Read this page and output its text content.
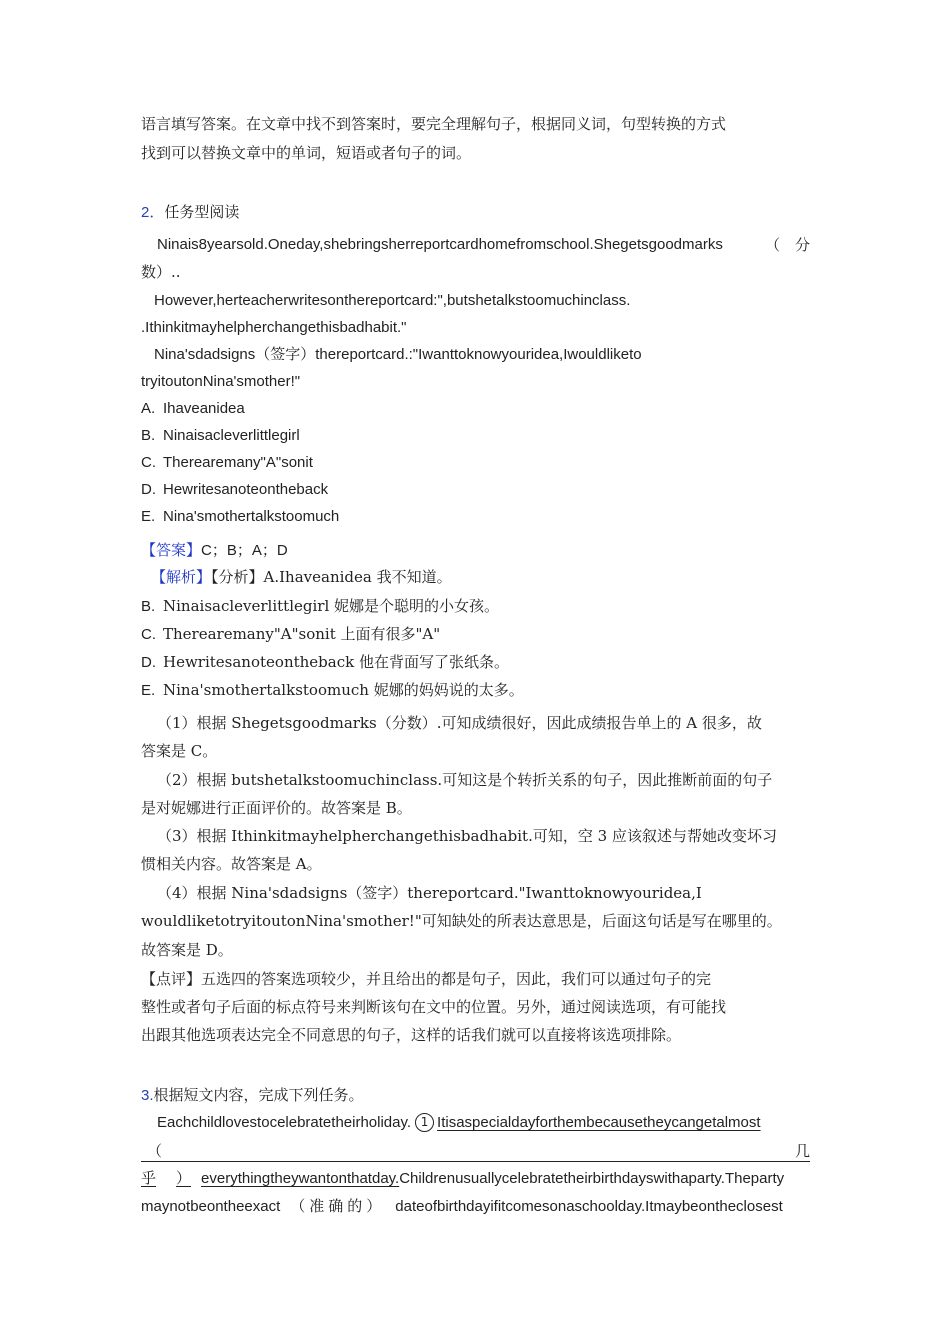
语言填写答案。在文章中找不到答案时，要完全理解句子，根据同义词，句型转换的方式
找到可以替换文章中的单词，短语或者句子的词。
2．任务型阅读
Ninais8yearsold.Oneday,shebringsherreportcardhomefromschool.Shegetsgoodmarks	（　分
数）..
However,herteacherwritesonthereportcard:",butshetalkstoomuchinclass.
.Ithinkitmayhelpherchangethisbadhabit."
Nina'sdadsigns（签字）thereportcard.:"Iwanttoknowyouridea,Iwouldliketo
tryitoutonNina'smother!"
A. Ihaveanidea
B. Ninaisacleverlittlegirl
C. Therearemany"A"sonit
D. Hewritesanoteontheback
E. Nina'smothertalkstoomuch
【答案】C；B；A；D
【解析】【分析】A.Ihaveanidea 我不知道。
B. Ninaisacleverlittlegirl 妮娜是个聪明的小女孩。
C. Therearemany"A"sonit 上面有很多"A"
D. Hewritesanoteontheback 他在背面写了张纸条。
E. Nina'smothertalkstoomuch 妮娜的妈妈说的太多。
（1）根据 Shegetsgoodmarks（分数）.可知成绩很好，因此成绩报告单上的 A 很多，故
答案是 C。
（2）根据 butshetalkstoomuchinclass.可知这是个转折关系的句子，因此推断前面的句子
是对妮娜进行正面评价的。故答案是 B。
（3）根据 Ithinkitmayhelpherchangethisbadhabit.可知，空 3 应该叙述与帮她改变坏习
惯相关内容。故答案是 A。
（4）根据 Nina'sdadsigns（签字）thereportcard."Iwanttoknowyouridea,I
wouldliketotryitoutonNina'smother!"可知缺处的所表达意思是，后面这句话是写在哪里的。
故答案是 D。
【点评】五选四的答案选项较少，并且给出的都是句子，因此，我们可以通过句子的完
整性或者句子后面的标点符号来判断该句在文中的位置。另外，通过阅读选项，有可能找
出跟其他选项表达完全不同意思的句子，这样的话我们就可以直接将该选项排除。
3.根据短文内容，完成下列任务。
Eachchildlovestocelebratetheirholiday. 1 Itisaspecialdayforthembecausetheycangetalmost
（	几
乎 ） everythingtheywantonthatday.Childrenusuallycelebratetheirbirthdayswithaparty.Theparty
maynotbeontheexact （准确的） dateofbirthdayifitcomesonaschoolday.Itmaybeontheclosest
